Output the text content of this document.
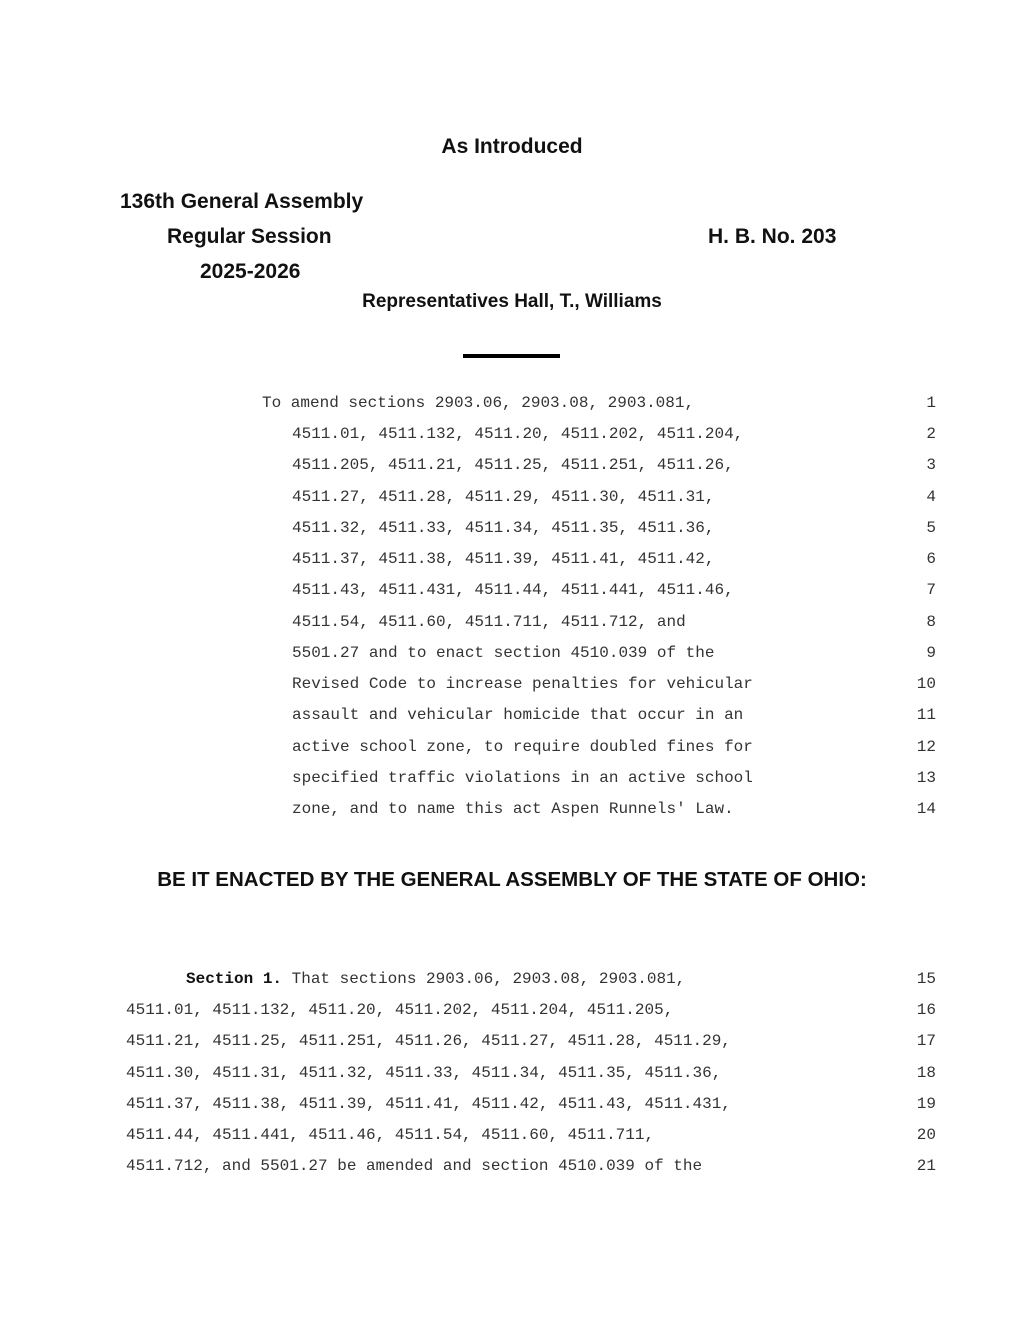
As Introduced
136th General Assembly
Regular Session
2025-2026
H. B. No. 203
Representatives Hall, T., Williams
To amend sections 2903.06, 2903.08, 2903.081,	1
4511.01, 4511.132, 4511.20, 4511.202, 4511.204,	2
4511.205, 4511.21, 4511.25, 4511.251, 4511.26,	3
4511.27, 4511.28, 4511.29, 4511.30, 4511.31,	4
4511.32, 4511.33, 4511.34, 4511.35, 4511.36,	5
4511.37, 4511.38, 4511.39, 4511.41, 4511.42,	6
4511.43, 4511.431, 4511.44, 4511.441, 4511.46,	7
4511.54, 4511.60, 4511.711, 4511.712, and	8
5501.27 and to enact section 4510.039 of the	9
Revised Code to increase penalties for vehicular	10
assault and vehicular homicide that occur in an	11
active school zone, to require doubled fines for	12
specified traffic violations in an active school	13
zone, and to name this act Aspen Runnels' Law.	14
BE IT ENACTED BY THE GENERAL ASSEMBLY OF THE STATE OF OHIO:
Section 1. That sections 2903.06, 2903.08, 2903.081,	15
4511.01, 4511.132, 4511.20, 4511.202, 4511.204, 4511.205,	16
4511.21, 4511.25, 4511.251, 4511.26, 4511.27, 4511.28, 4511.29,	17
4511.30, 4511.31, 4511.32, 4511.33, 4511.34, 4511.35, 4511.36,	18
4511.37, 4511.38, 4511.39, 4511.41, 4511.42, 4511.43, 4511.431,	19
4511.44, 4511.441, 4511.46, 4511.54, 4511.60, 4511.711,	20
4511.712, and 5501.27 be amended and section 4510.039 of the	21
